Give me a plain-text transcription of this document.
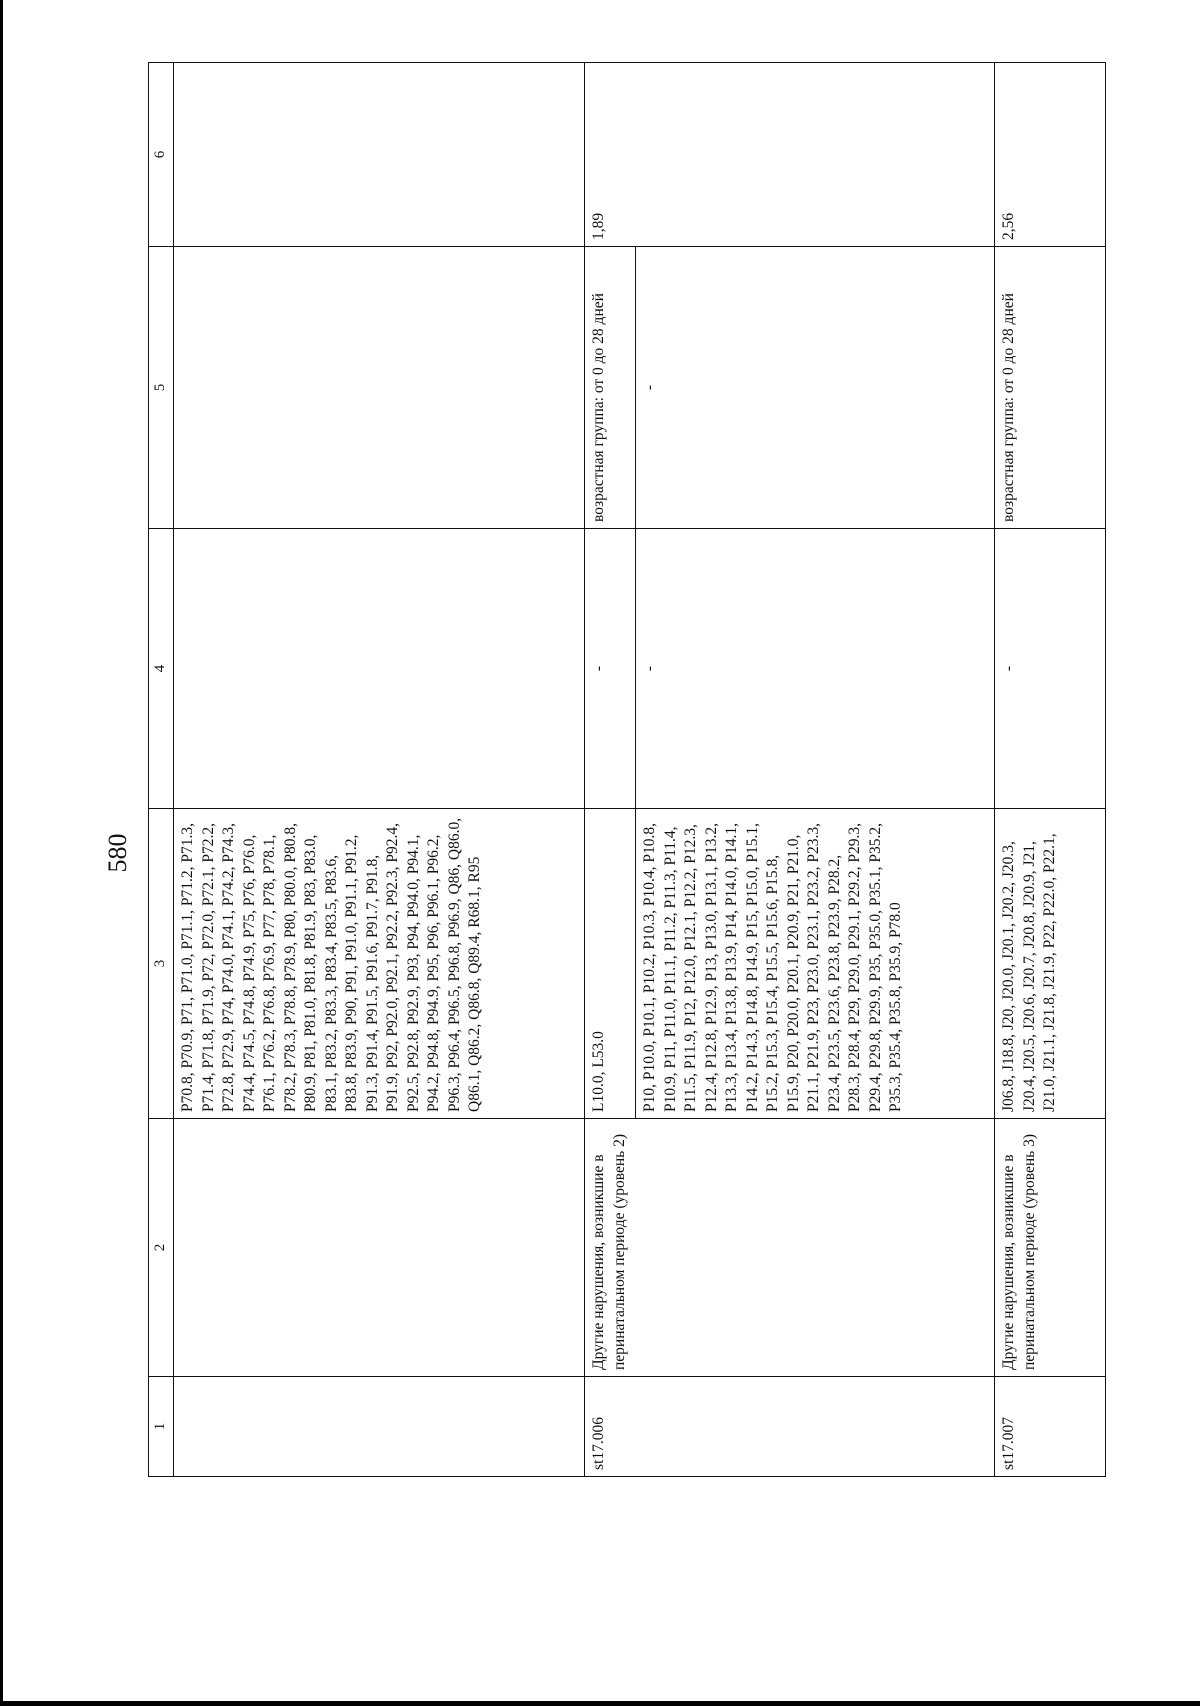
580
1	2	3	4	5	6
		P70.8, P70.9, P71, P71.0, P71.1, P71.2, P71.3, P71.4, P71.8, P71.9, P72, P72.0, P72.1, P72.2, P72.8, P72.9, P74, P74.0, P74.1, P74.2, P74.3, P74.4, P74.5, P74.8, P74.9, P75, P76, P76.0, P76.1, P76.2, P76.8, P76.9, P77, P78, P78.1, P78.2, P78.3, P78.8, P78.9, P80, P80.0, P80.8, P80.9, P81, P81.0, P81.8, P81.9, P83, P83.0, P83.1, P83.2, P83.3, P83.4, P83.5, P83.6, P83.8, P83.9, P90, P91, P91.0, P91.1, P91.2, P91.3, P91.4, P91.5, P91.6, P91.7, P91.8, P91.9, P92, P92.0, P92.1, P92.2, P92.3, P92.4, P92.5, P92.8, P92.9, P93, P94, P94.0, P94.1, P94.2, P94.8, P94.9, P95, P96, P96.1, P96.2, P96.3, P96.4, P96.5, P96.8, P96.9, Q86, Q86.0, Q86.1, Q86.2, Q86.8, Q89.4, R68.1, R95			
st17.006	Другие нарушения, возникшие в перинатальном периоде (уровень 2)	L10.0, L53.0	-	возрастная группа: от 0 до 28 дней	1,89
		P10, P10.0, P10.1, P10.2, P10.3, P10.4, P10.8, P10.9, P11, P11.0, P11.1, P11.2, P11.3, P11.4, P11.5, P11.9, P12, P12.0, P12.1, P12.2, P12.3, P12.4, P12.8, P12.9, P13, P13.0, P13.1, P13.2, P13.3, P13.4, P13.8, P13.9, P14, P14.0, P14.1, P14.2, P14.3, P14.8, P14.9, P15, P15.0, P15.1, P15.2, P15.3, P15.4, P15.5, P15.6, P15.8, P15.9, P20, P20.0, P20.1, P20.9, P21, P21.0, P21.1, P21.9, P23, P23.0, P23.1, P23.2, P23.3, P23.4, P23.5, P23.6, P23.8, P23.9, P28.2, P28.3, P28.4, P29, P29.0, P29.1, P29.2, P29.3, P29.4, P29.8, P29.9, P35, P35.0, P35.1, P35.2, P35.3, P35.4, P35.8, P35.9, P78.0	-	-	
st17.007	Другие нарушения, возникшие в перинатальном периоде (уровень 3)	J06.8, J18.8, J20, J20.0, J20.1, J20.2, J20.3, J20.4, J20.5, J20.6, J20.7, J20.8, J20.9, J21, J21.0, J21.1, J21.8, J21.9, P22, P22.0, P22.1,	-	возрастная группа: от 0 до 28 дней	2,56
